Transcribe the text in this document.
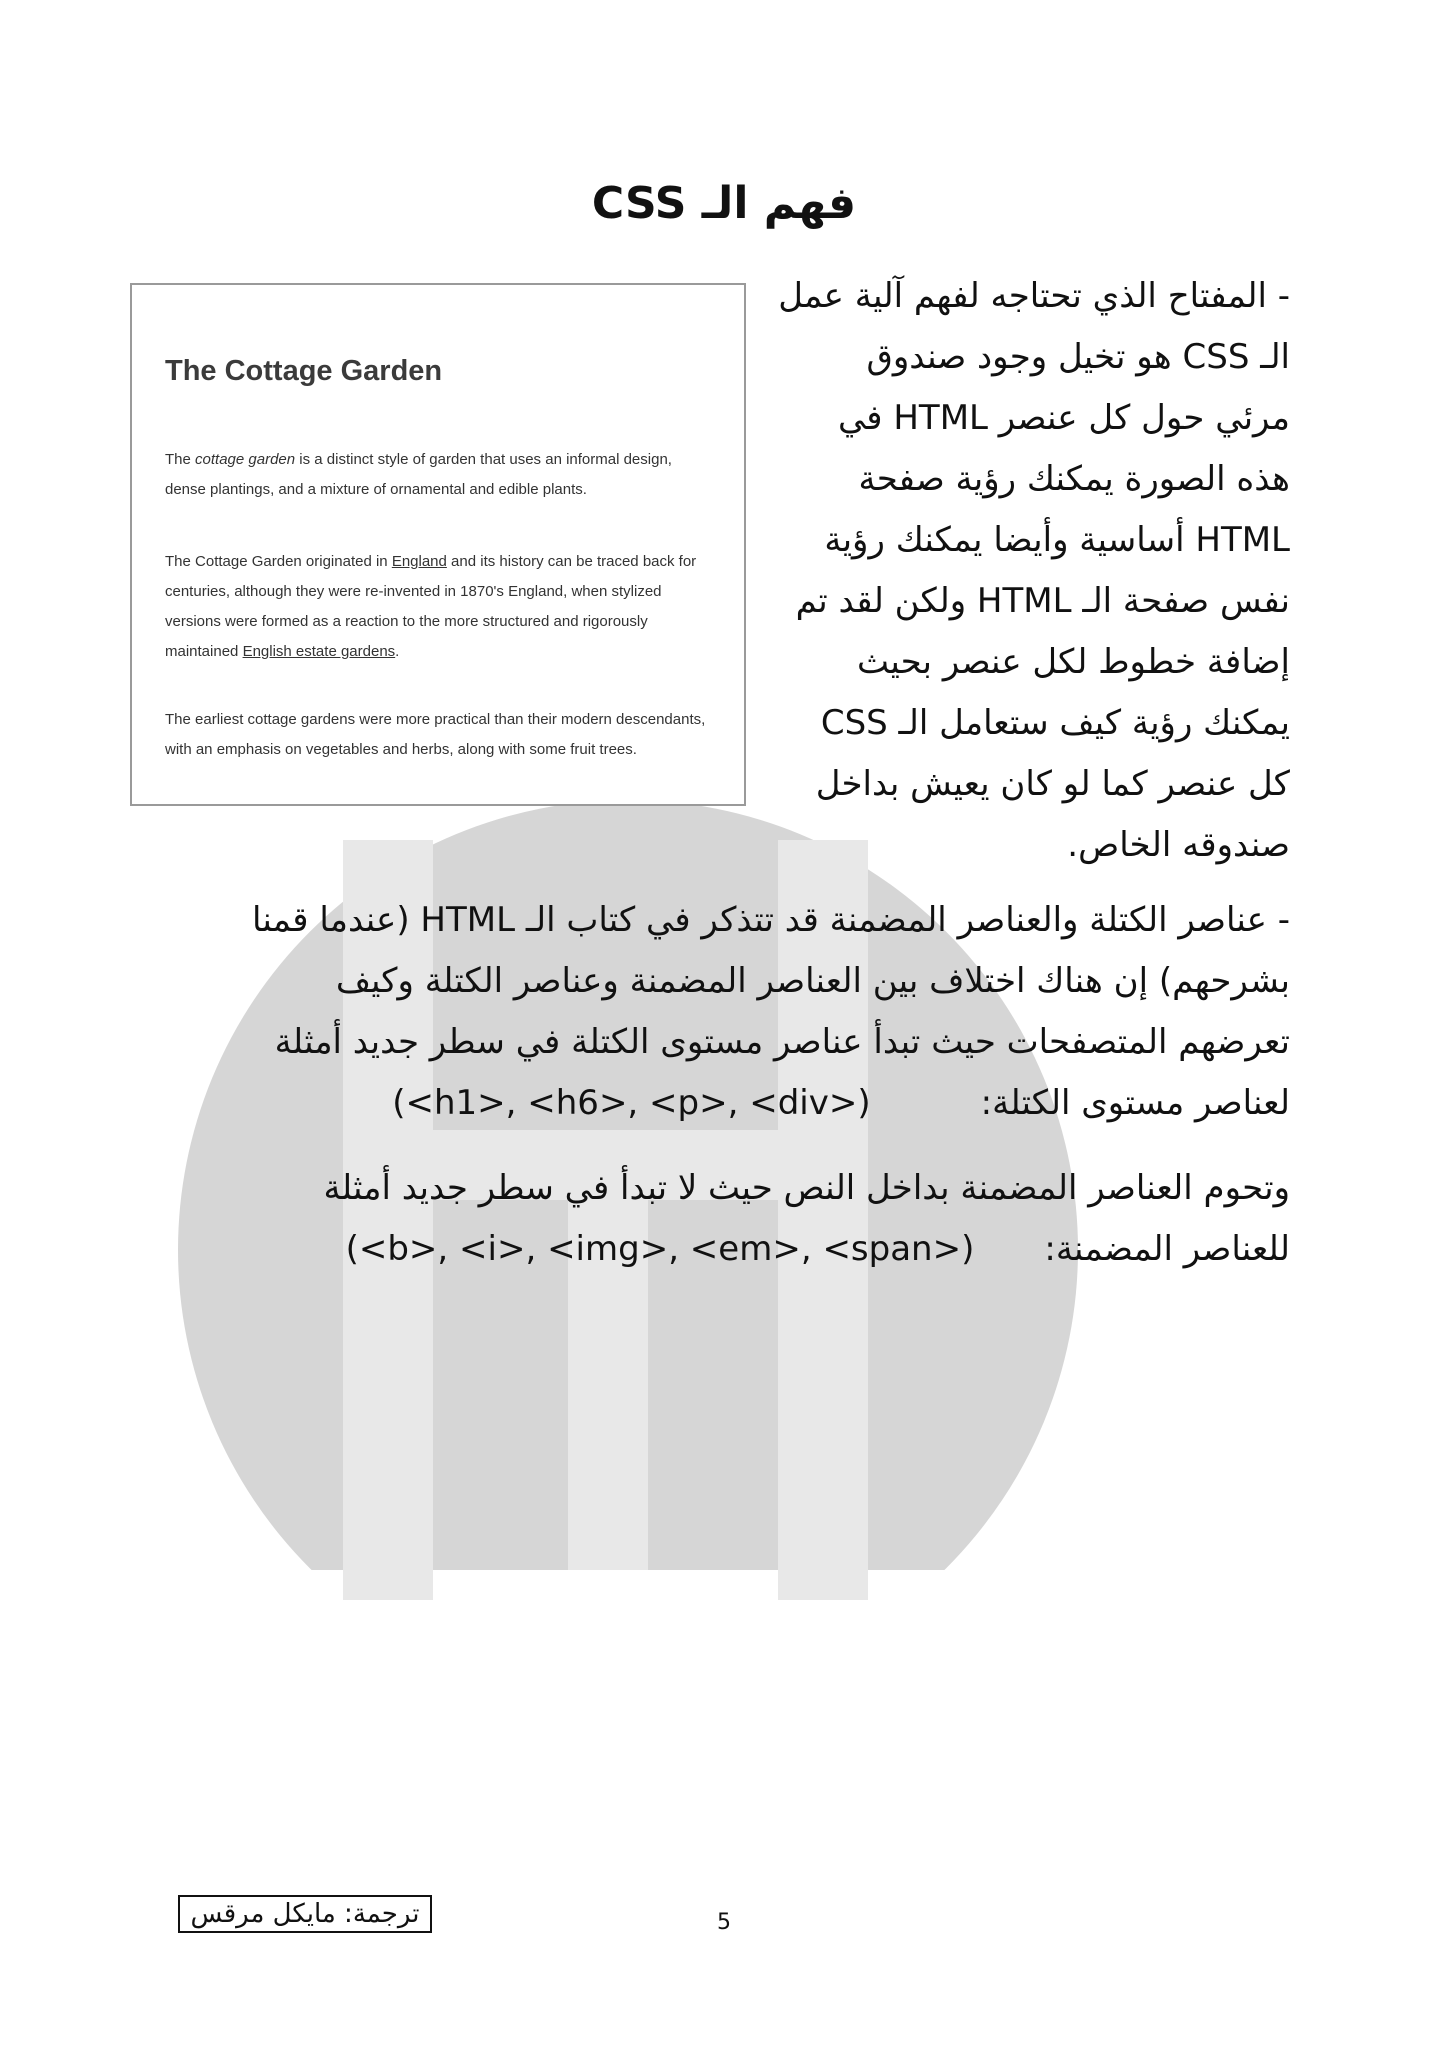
فهم الـ CSS
The Cottage Garden
The cottage garden is a distinct style of garden that uses an informal design,
dense plantings, and a mixture of ornamental and edible plants.
The Cottage Garden originated in England and its history can be traced back for
centuries, although they were re-invented in 1870's England, when stylized
versions were formed as a reaction to the more structured and rigorously
maintained English estate gardens.
The earliest cottage gardens were more practical than their modern descendants,
with an emphasis on vegetables and herbs, along with some fruit trees.
- المفتاح الذي تحتاجه لفهم آلية عمل
الـ CSS هو تخيل وجود صندوق
مرئي حول كل عنصر HTML في
هذه الصورة يمكنك رؤية صفحة
HTML أساسية وأيضا يمكنك رؤية
نفس صفحة الـ HTML ولكن لقد تم
إضافة خطوط لكل عنصر بحيث
يمكنك رؤية كيف ستعامل الـ CSS
كل عنصر كما لو كان يعيش بداخل
صندوقه الخاص.
- عناصر الكتلة والعناصر المضمنة قد تتذكر في كتاب الـ HTML (عندما قمنا
بشرحهم) إن هناك اختلاف بين العناصر المضمنة وعناصر الكتلة وكيف
تعرضهم المتصفحات حيث تبدأ عناصر مستوى الكتلة في سطر جديد أمثلة
لعناصر مستوى الكتلة:(<h1>, <h6>, <p>, <div>)
وتحوم العناصر المضمنة بداخل النص حيث لا تبدأ في سطر جديد أمثلة
للعناصر المضمنة:(<b>, <i>, <img>, <em>, <span>)
ترجمة: مايكل مرقس	5
